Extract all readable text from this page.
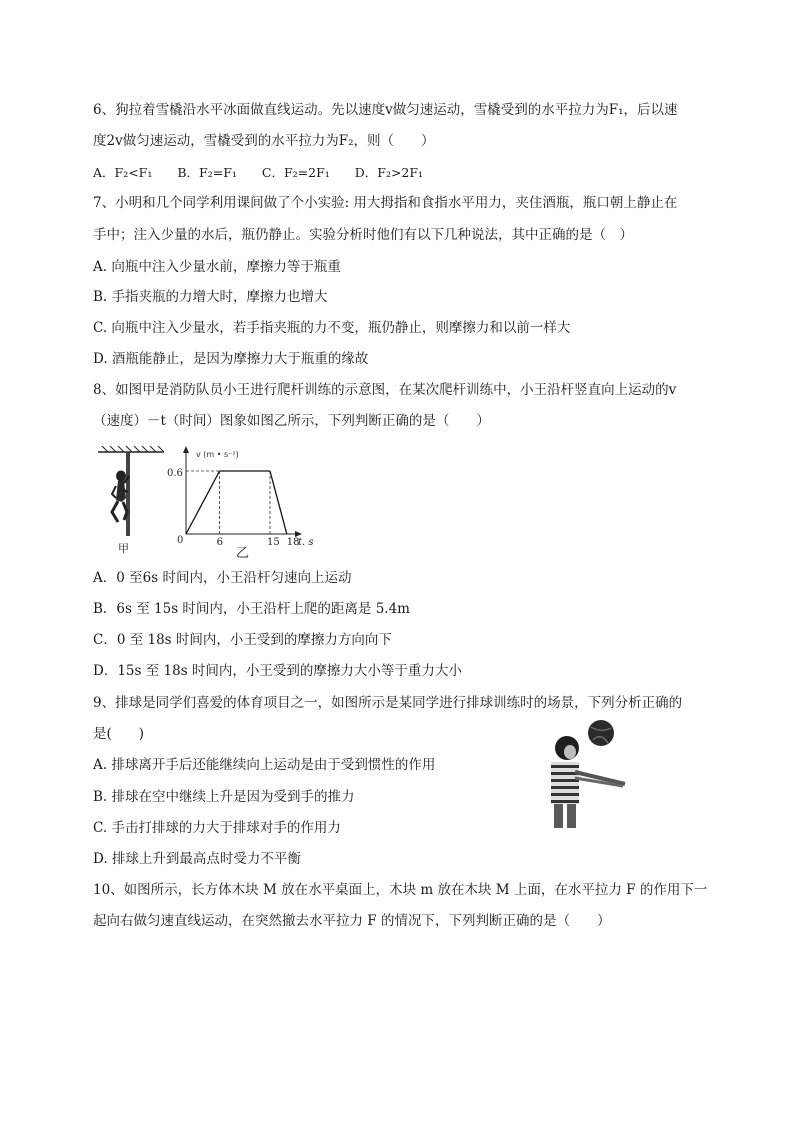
6、狗拉着雪橇沿水平冰面做直线运动。先以速度v做匀速运动，雪橇受到的水平拉力为F₁，后以速
度2v做匀速运动，雪橇受到的水平拉力为F₂，则（　　）
A．F₂<F₁　　B．F₂=F₁　　C．F₂=2F₁　　D．F₂>2F₁
7、小明和几个同学利用课间做了个小实验: 用大拇指和食指水平用力，夹住酒瓶，瓶口朝上静止在
手中；注入少量的水后，瓶仍静止。实验分析时他们有以下几种说法，其中正确的是（　）
A. 向瓶中注入少量水前，摩擦力等于瓶重
B. 手指夹瓶的力增大时，摩擦力也增大
C. 向瓶中注入少量水，若手指夹瓶的力不变，瓶仍静止，则摩擦力和以前一样大
D. 酒瓶能静止，是因为摩擦力大于瓶重的缘故
8、如图甲是消防队员小王进行爬杆训练的示意图，在某次爬杆训练中，小王沿杆竖直向上运动的v
（速度）－t（时间）图象如图乙所示，下列判断正确的是（　　）
甲	6	15 18
v (m • s⁻¹)
t. s
0
0.6
乙
A．0 至6s 时间内，小王沿杆匀速向上运动
B．6s 至 15s 时间内，小王沿杆上爬的距离是 5.4m
C．0 至 18s 时间内，小王受到的摩擦力方向向下
D．15s 至 18s 时间内，小王受到的摩擦力大小等于重力大小
9、排球是同学们喜爱的体育项目之一，如图所示是某同学进行排球训练时的场景，下列分析正确的
是(　　)
A. 排球离开手后还能继续向上运动是由于受到惯性的作用
B. 排球在空中继续上升是因为受到手的推力
C. 手击打排球的力大于排球对手的作用力
D. 排球上升到最高点时受力不平衡
10、如图所示，长方体木块 M 放在水平桌面上，木块 m 放在木块 M 上面，在水平拉力 F 的作用下一
起向右做匀速直线运动，在突然撤去水平拉力 F 的情况下，下列判断正确的是（　　）
